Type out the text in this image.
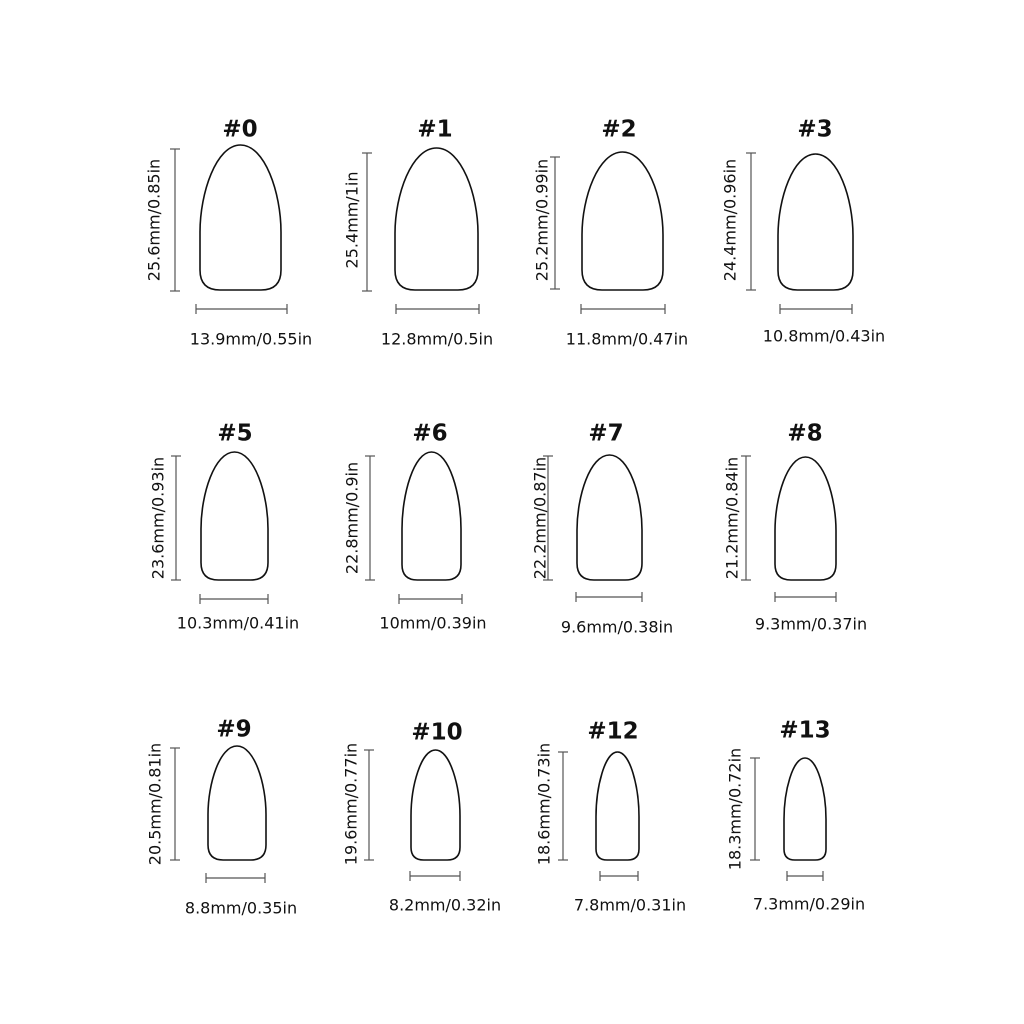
#0
25.6mm/0.85in
13.9mm/0.55in
#1
25.4mm/1in
12.8mm/0.5in
#2
25.2mm/0.99in
11.8mm/0.47in
#3
24.4mm/0.96in
10.8mm/0.43in
#5
23.6mm/0.93in
10.3mm/0.41in
#6
22.8mm/0.9in
10mm/0.39in
#7
22.2mm/0.87in
9.6mm/0.38in
#8
21.2mm/0.84in
9.3mm/0.37in
#9
20.5mm/0.81in
8.8mm/0.35in
#10
19.6mm/0.77in
8.2mm/0.32in
#12
18.6mm/0.73in
7.8mm/0.31in
#13
18.3mm/0.72in
7.3mm/0.29in
